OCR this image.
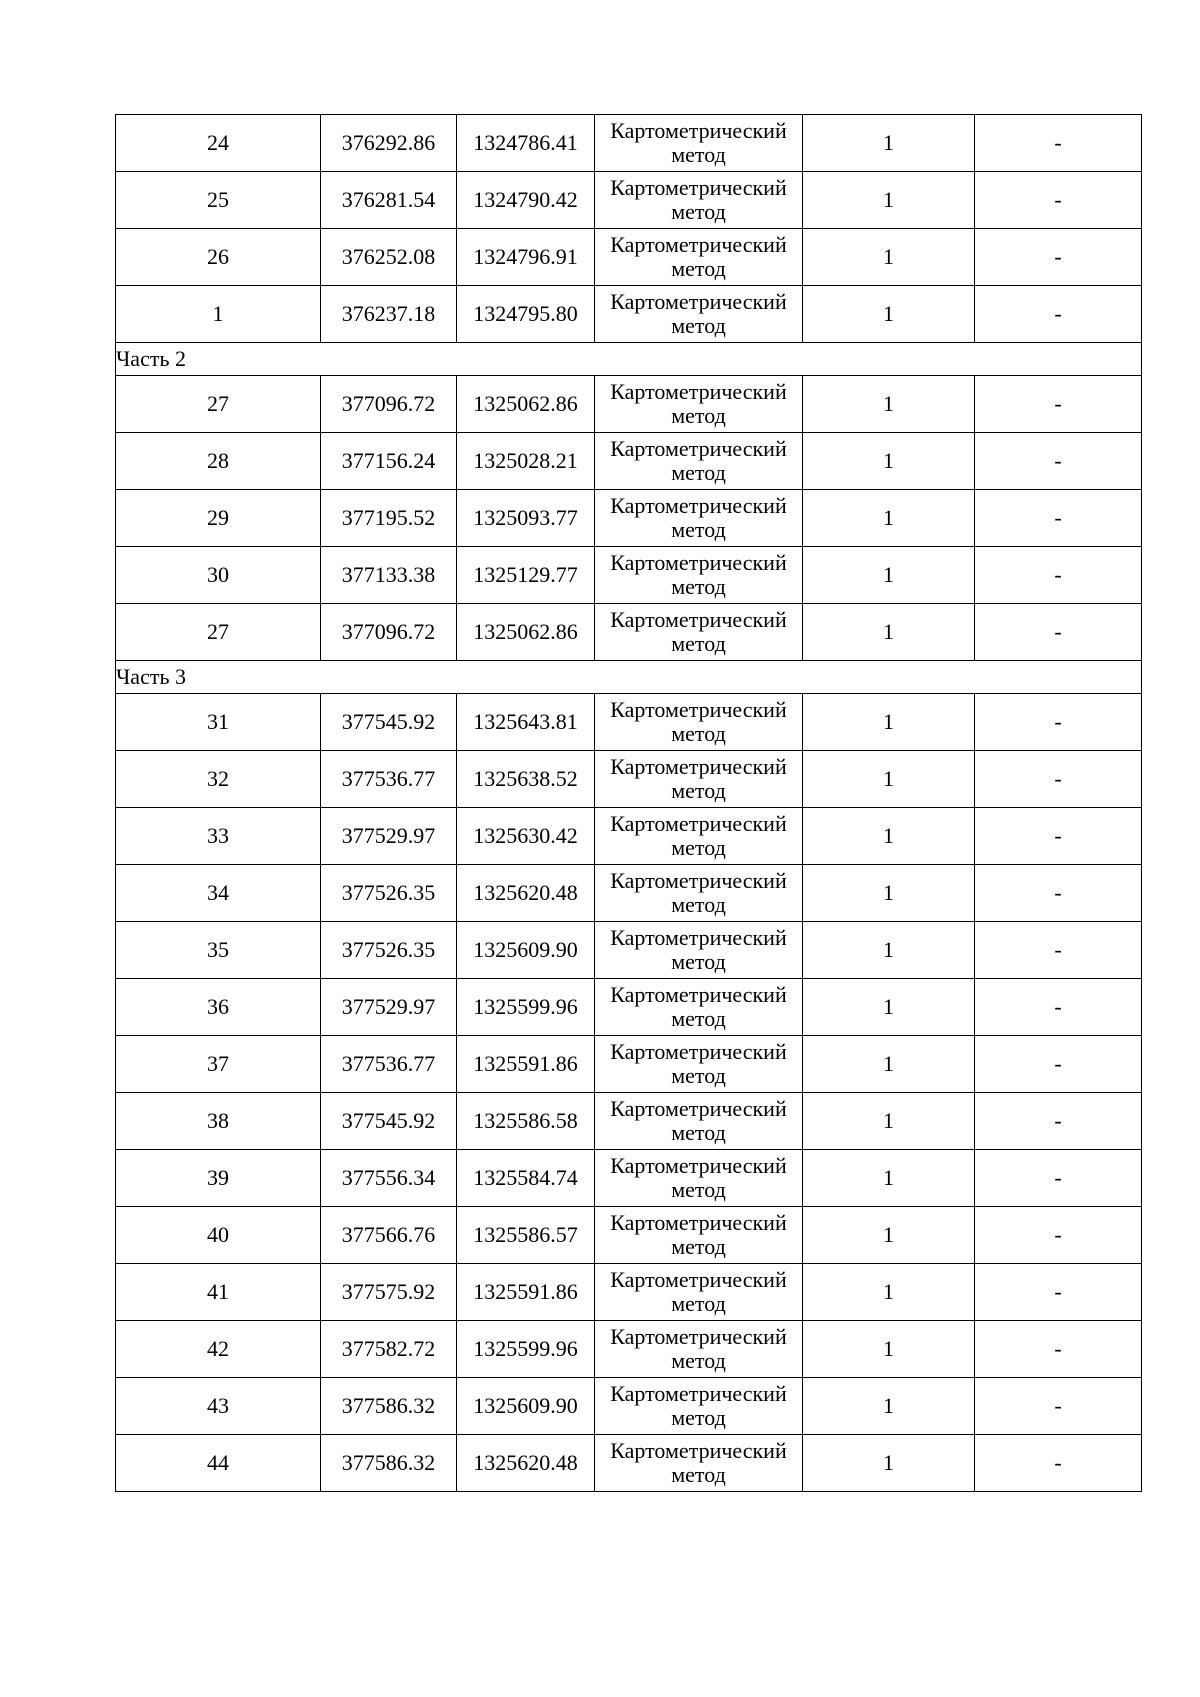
24	376292.86	1324786.41	Картометрический
метод	1	-
25	376281.54	1324790.42	Картометрический
метод	1	-
26	376252.08	1324796.91	Картометрический
метод	1	-
1	376237.18	1324795.80	Картометрический
метод	1	-
Часть 2					
27	377096.72	1325062.86	Картометрический
метод	1	-
28	377156.24	1325028.21	Картометрический
метод	1	-
29	377195.52	1325093.77	Картометрический
метод	1	-
30	377133.38	1325129.77	Картометрический
метод	1	-
27	377096.72	1325062.86	Картометрический
метод	1	-
Часть 3					
31	377545.92	1325643.81	Картометрический
метод	1	-
32	377536.77	1325638.52	Картометрический
метод	1	-
33	377529.97	1325630.42	Картометрический
метод	1	-
34	377526.35	1325620.48	Картометрический
метод	1	-
35	377526.35	1325609.90	Картометрический
метод	1	-
36	377529.97	1325599.96	Картометрический
метод	1	-
37	377536.77	1325591.86	Картометрический
метод	1	-
38	377545.92	1325586.58	Картометрический
метод	1	-
39	377556.34	1325584.74	Картометрический
метод	1	-
40	377566.76	1325586.57	Картометрический
метод	1	-
41	377575.92	1325591.86	Картометрический
метод	1	-
42	377582.72	1325599.96	Картометрический
метод	1	-
43	377586.32	1325609.90	Картометрический
метод	1	-
44	377586.32	1325620.48	Картометрический
метод	1	-
